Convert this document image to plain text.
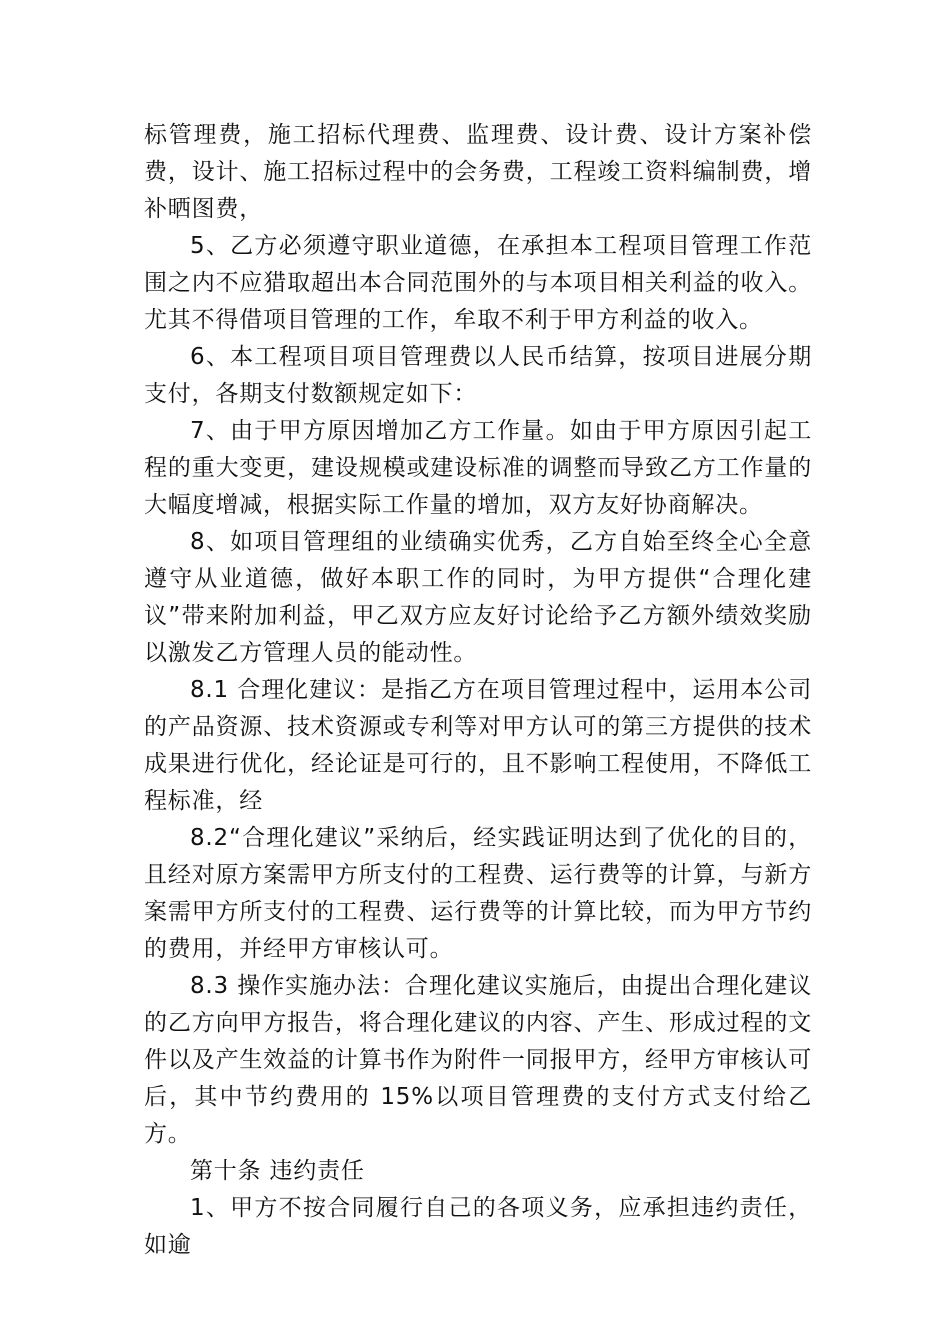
标管理费，施工招标代理费、监理费、设计费、设计方案补偿费，设计、施工招标过程中的会务费，工程竣工资料编制费，增补晒图费，

5、乙方必须遵守职业道德，在承担本工程项目管理工作范围之内不应猎取超出本合同范围外的与本项目相关利益的收入。尤其不得借项目管理的工作，牟取不利于甲方利益的收入。

6、本工程项目项目管理费以人民币结算，按项目进展分期支付，各期支付数额规定如下：

7、由于甲方原因增加乙方工作量。如由于甲方原因引起工程的重大变更，建设规模或建设标准的调整而导致乙方工作量的大幅度增减，根据实际工作量的增加，双方友好协商解决。

8、如项目管理组的业绩确实优秀，乙方自始至终全心全意遵守从业道德，做好本职工作的同时，为甲方提供“合理化建议”带来附加利益，甲乙双方应友好讨论给予乙方额外绩效奖励以激发乙方管理人员的能动性。

8.1 合理化建议：是指乙方在项目管理过程中，运用本公司的产品资源、技术资源或专利等对甲方认可的第三方提供的技术成果进行优化，经论证是可行的，且不影响工程使用，不降低工程标准，经

8.2“合理化建议”采纳后，经实践证明达到了优化的目的，且经对原方案需甲方所支付的工程费、运行费等的计算，与新方案需甲方所支付的工程费、运行费等的计算比较，而为甲方节约的费用，并经甲方审核认可。

8.3 操作实施办法：合理化建议实施后，由提出合理化建议的乙方向甲方报告，将合理化建议的内容、产生、形成过程的文件以及产生效益的计算书作为附件一同报甲方，经甲方审核认可后，其中节约费用的 15%以项目管理费的支付方式支付给乙方。

第十条 违约责任

1、甲方不按合同履行自己的各项义务，应承担违约责任，如逾
